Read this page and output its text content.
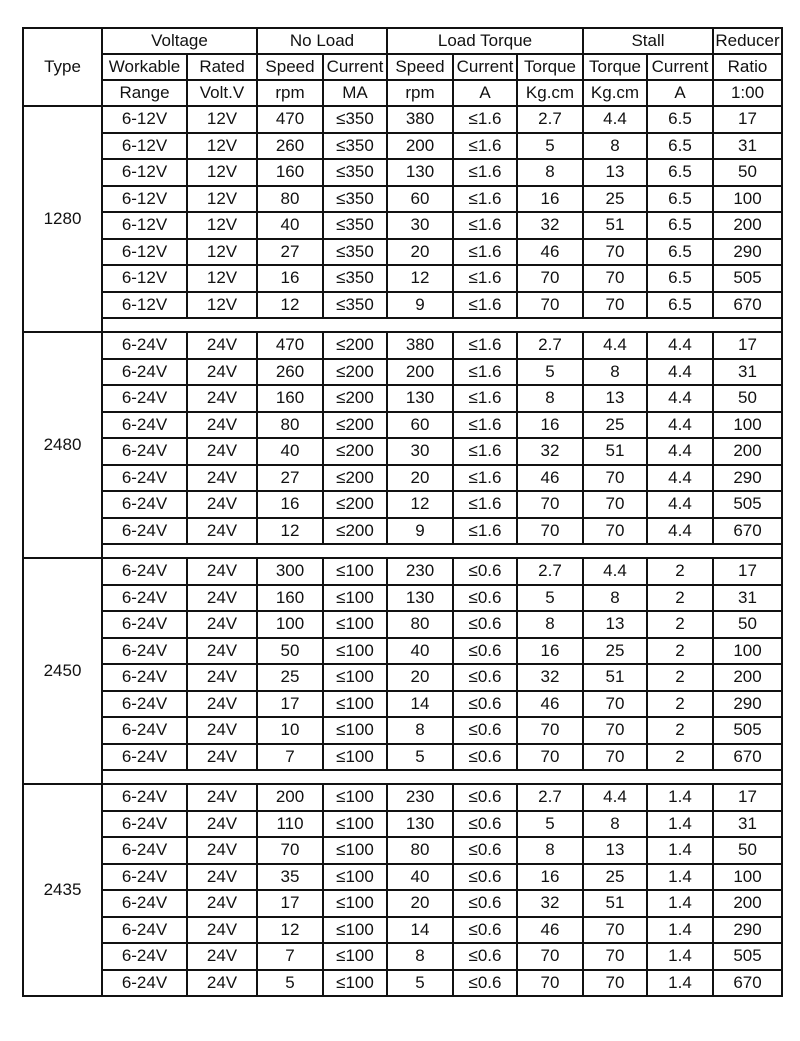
Type	Voltage		No Load		Load Torque			Stall		Reducer
	Workable	Rated	Speed	Current	Speed	Current	Torque	Torque	Current	Ratio
	Range	Volt.V	rpm	MA	rpm	A	Kg.cm	Kg.cm	A	1:00
1280	6-12V	12V	470	≤350	380	≤1.6	2.7	4.4	6.5	17
	6-12V	12V	260	≤350	200	≤1.6	5	8	6.5	31
	6-12V	12V	160	≤350	130	≤1.6	8	13	6.5	50
	6-12V	12V	80	≤350	60	≤1.6	16	25	6.5	100
	6-12V	12V	40	≤350	30	≤1.6	32	51	6.5	200
	6-12V	12V	27	≤350	20	≤1.6	46	70	6.5	290
	6-12V	12V	16	≤350	12	≤1.6	70	70	6.5	505
	6-12V	12V	12	≤350	9	≤1.6	70	70	6.5	670

2480	6-24V	24V	470	≤200	380	≤1.6	2.7	4.4	4.4	17
	6-24V	24V	260	≤200	200	≤1.6	5	8	4.4	31
	6-24V	24V	160	≤200	130	≤1.6	8	13	4.4	50
	6-24V	24V	80	≤200	60	≤1.6	16	25	4.4	100
	6-24V	24V	40	≤200	30	≤1.6	32	51	4.4	200
	6-24V	24V	27	≤200	20	≤1.6	46	70	4.4	290
	6-24V	24V	16	≤200	12	≤1.6	70	70	4.4	505
	6-24V	24V	12	≤200	9	≤1.6	70	70	4.4	670

2450	6-24V	24V	300	≤100	230	≤0.6	2.7	4.4	2	17
	6-24V	24V	160	≤100	130	≤0.6	5	8	2	31
	6-24V	24V	100	≤100	80	≤0.6	8	13	2	50
	6-24V	24V	50	≤100	40	≤0.6	16	25	2	100
	6-24V	24V	25	≤100	20	≤0.6	32	51	2	200
	6-24V	24V	17	≤100	14	≤0.6	46	70	2	290
	6-24V	24V	10	≤100	8	≤0.6	70	70	2	505
	6-24V	24V	7	≤100	5	≤0.6	70	70	2	670

2435	6-24V	24V	200	≤100	230	≤0.6	2.7	4.4	1.4	17
	6-24V	24V	110	≤100	130	≤0.6	5	8	1.4	31
	6-24V	24V	70	≤100	80	≤0.6	8	13	1.4	50
	6-24V	24V	35	≤100	40	≤0.6	16	25	1.4	100
	6-24V	24V	17	≤100	20	≤0.6	32	51	1.4	200
	6-24V	24V	12	≤100	14	≤0.6	46	70	1.4	290
	6-24V	24V	7	≤100	8	≤0.6	70	70	1.4	505
	6-24V	24V	5	≤100	5	≤0.6	70	70	1.4	670
